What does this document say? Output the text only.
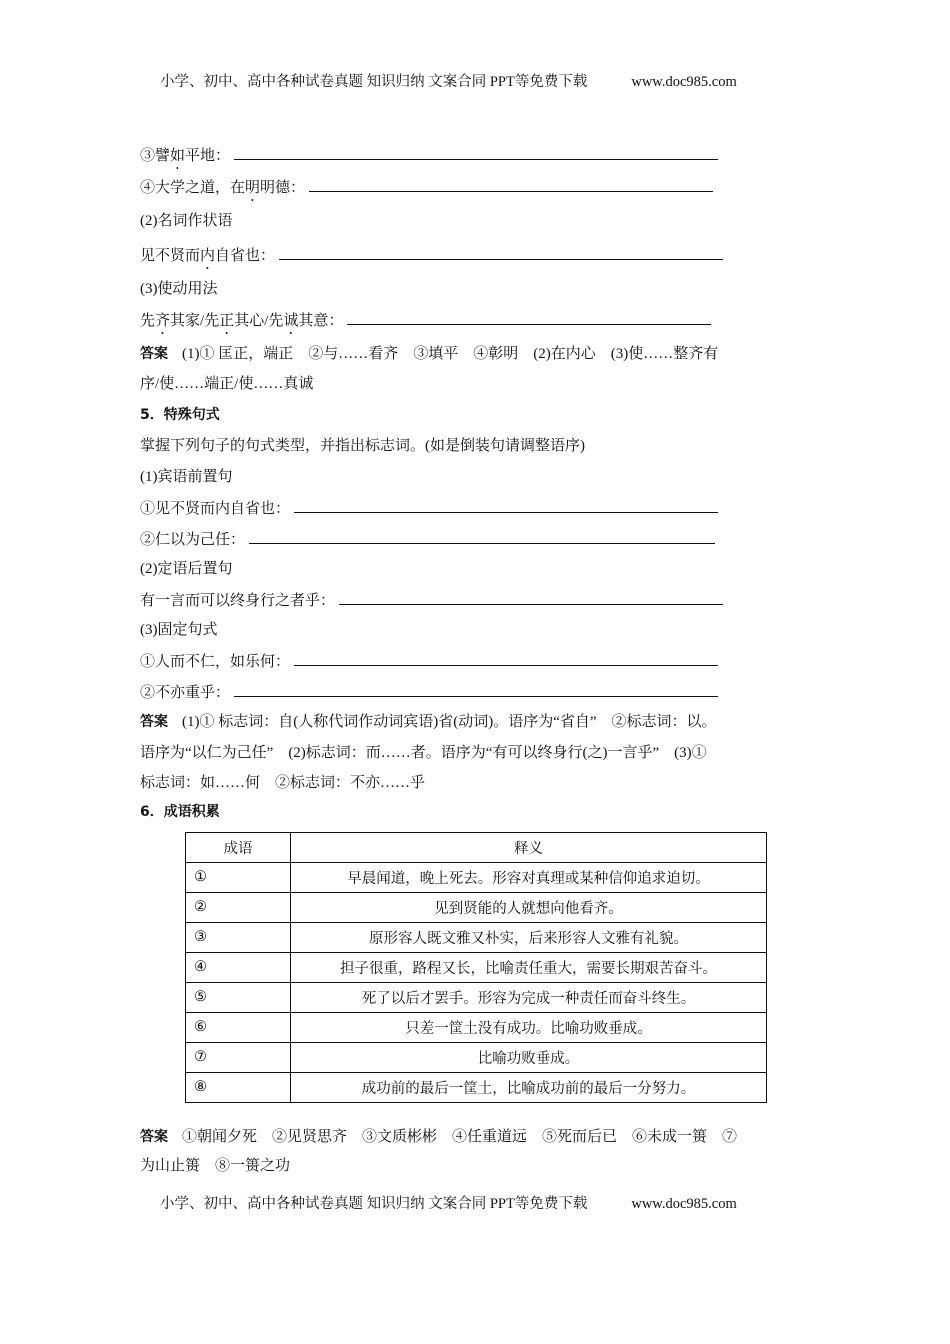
小学、初中、高中各种试卷真题 知识归纳 文案合同 PPT等免费下载	www.doc985.com
③譬如平地：
④大学之道，在明明德：
(2)名词作状语
见不贤而内自省也：
(3)使动用法
先齐其家/先正其心/先诚其意：
答案 (1)① 匡正，端正　②与……看齐　③填平　④彰明　(2)在内心　(3)使……整齐有
序/使……端正/使……真诚
5．特殊句式
掌握下列句子的句式类型，并指出标志词。(如是倒装句请调整语序)
(1)宾语前置句
①见不贤而内自省也：
②仁以为己任：
(2)定语后置句
有一言而可以终身行之者乎：
(3)固定句式
①人而不仁，如乐何：
②不亦重乎：
答案 (1)① 标志词：自(人称代词作动词宾语)省(动词)。语序为“省自”　②标志词：以。
语序为“以仁为己任”　(2)标志词：而……者。语序为“有可以终身行(之)一言乎”　(3)①
标志词：如……何　②标志词：不亦……乎
6．成语积累
成语	释义
①	早晨闻道，晚上死去。形容对真理或某种信仰追求迫切。
②	见到贤能的人就想向他看齐。
③	原形容人既文雅又朴实，后来形容人文雅有礼貌。
④	担子很重，路程又长，比喻责任重大，需要长期艰苦奋斗。
⑤	死了以后才罢手。形容为完成一种责任而奋斗终生。
⑥	只差一筐土没有成功。比喻功败垂成。
⑦	比喻功败垂成。
⑧	成功前的最后一筐土，比喻成功前的最后一分努力。
答案 ①朝闻夕死　②见贤思齐　③文质彬彬　④任重道远　⑤死而后已　⑥未成一篑　⑦
为山止篑　⑧一篑之功
小学、初中、高中各种试卷真题 知识归纳 文案合同 PPT等免费下载	www.doc985.com
